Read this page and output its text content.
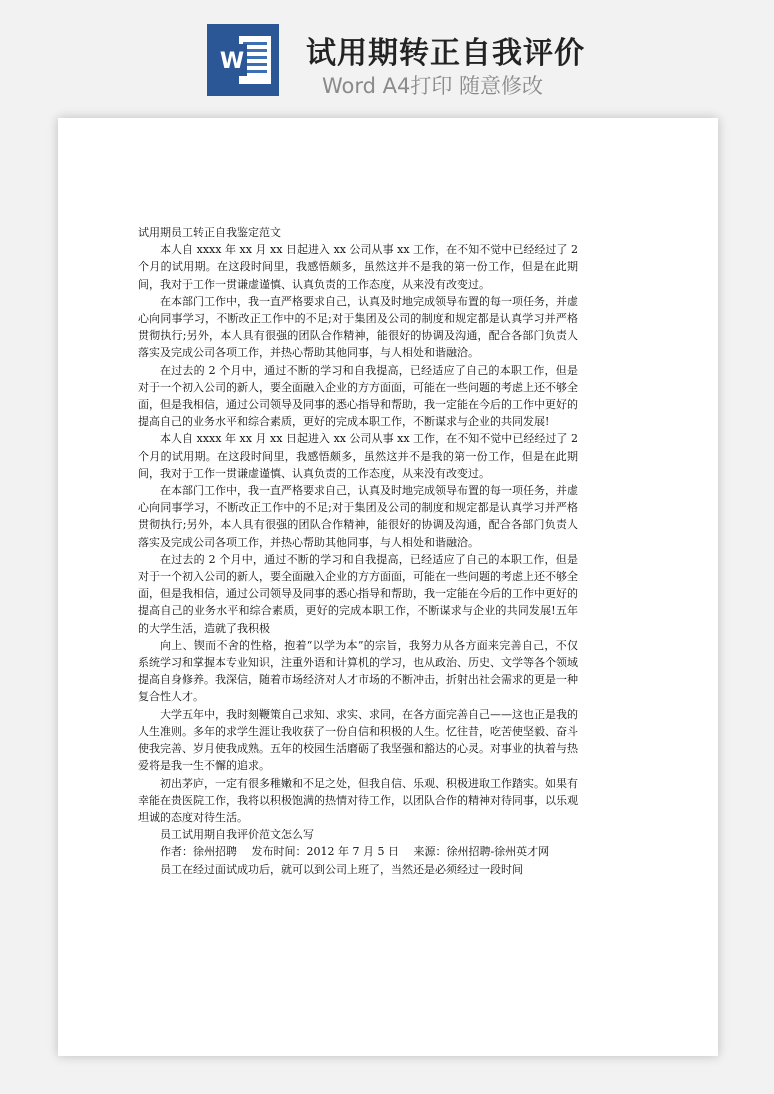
W 试用期转正自我评价
Word A4打印 随意修改

试用期员工转正自我鉴定范文

本人自 xxxx 年 xx 月 xx 日起进入 xx 公司从事 xx 工作，在不知不觉中已经经过了 2 个月的试用期。在这段时间里，我感悟颇多，虽然这并不是我的第一份工作，但是在此期间，我对于工作一贯谦虚谨慎、认真负责的工作态度，从来没有改变过。

在本部门工作中，我一直严格要求自己，认真及时地完成领导布置的每一项任务，并虚心向同事学习，不断改正工作中的不足;对于集团及公司的制度和规定都是认真学习并严格贯彻执行;另外，本人具有很强的团队合作精神，能很好的协调及沟通，配合各部门负责人落实及完成公司各项工作，并热心帮助其他同事，与人相处和谐融洽。

在过去的 2 个月中，通过不断的学习和自我提高，已经适应了自己的本职工作，但是对于一个初入公司的新人，要全面融入企业的方方面面，可能在一些问题的考虑上还不够全面，但是我相信，通过公司领导及同事的悉心指导和帮助，我一定能在今后的工作中更好的提高自己的业务水平和综合素质，更好的完成本职工作，不断谋求与企业的共同发展!

本人自 xxxx 年 xx 月 xx 日起进入 xx 公司从事 xx 工作，在不知不觉中已经经过了 2 个月的试用期。在这段时间里，我感悟颇多，虽然这并不是我的第一份工作，但是在此期间，我对于工作一贯谦虚谨慎、认真负责的工作态度，从来没有改变过。

在本部门工作中，我一直严格要求自己，认真及时地完成领导布置的每一项任务，并虚心向同事学习，不断改正工作中的不足;对于集团及公司的制度和规定都是认真学习并严格贯彻执行;另外，本人具有很强的团队合作精神，能很好的协调及沟通，配合各部门负责人落实及完成公司各项工作，并热心帮助其他同事，与人相处和谐融洽。

在过去的 2 个月中，通过不断的学习和自我提高，已经适应了自己的本职工作，但是对于一个初入公司的新人，要全面融入企业的方方面面，可能在一些问题的考虑上还不够全面，但是我相信，通过公司领导及同事的悉心指导和帮助，我一定能在今后的工作中更好的提高自己的业务水平和综合素质，更好的完成本职工作，不断谋求与企业的共同发展!五年的大学生活，造就了我积极

向上、锲而不舍的性格，抱着“以学为本”的宗旨，我努力从各方面来完善自己，不仅系统学习和掌握本专业知识，注重外语和计算机的学习，也从政治、历史、文学等各个领域提高自身修养。我深信，随着市场经济对人才市场的不断冲击，折射出社会需求的更是一种复合性人才。

大学五年中，我时刻鞭策自己求知、求实、求同，在各方面完善自己——这也正是我的人生准则。多年的求学生涯让我收获了一份自信和积极的人生。忆往昔，吃苦使坚毅、奋斗使我完善、岁月使我成熟。五年的校园生活磨砺了我坚强和豁达的心灵。对事业的执着与热爱将是我一生不懈的追求。

初出茅庐，一定有很多稚嫩和不足之处，但我自信、乐观、积极进取工作踏实。如果有幸能在贵医院工作，我将以积极饱满的热情对待工作，以团队合作的精神对待同事，以乐观坦诚的态度对待生活。

员工试用期自我评价范文怎么写

作者：徐州招聘　 发布时间：2012 年 7 月 5 日　 来源：徐州招聘-徐州英才网

员工在经过面试成功后，就可以到公司上班了，当然还是必须经过一段时间
